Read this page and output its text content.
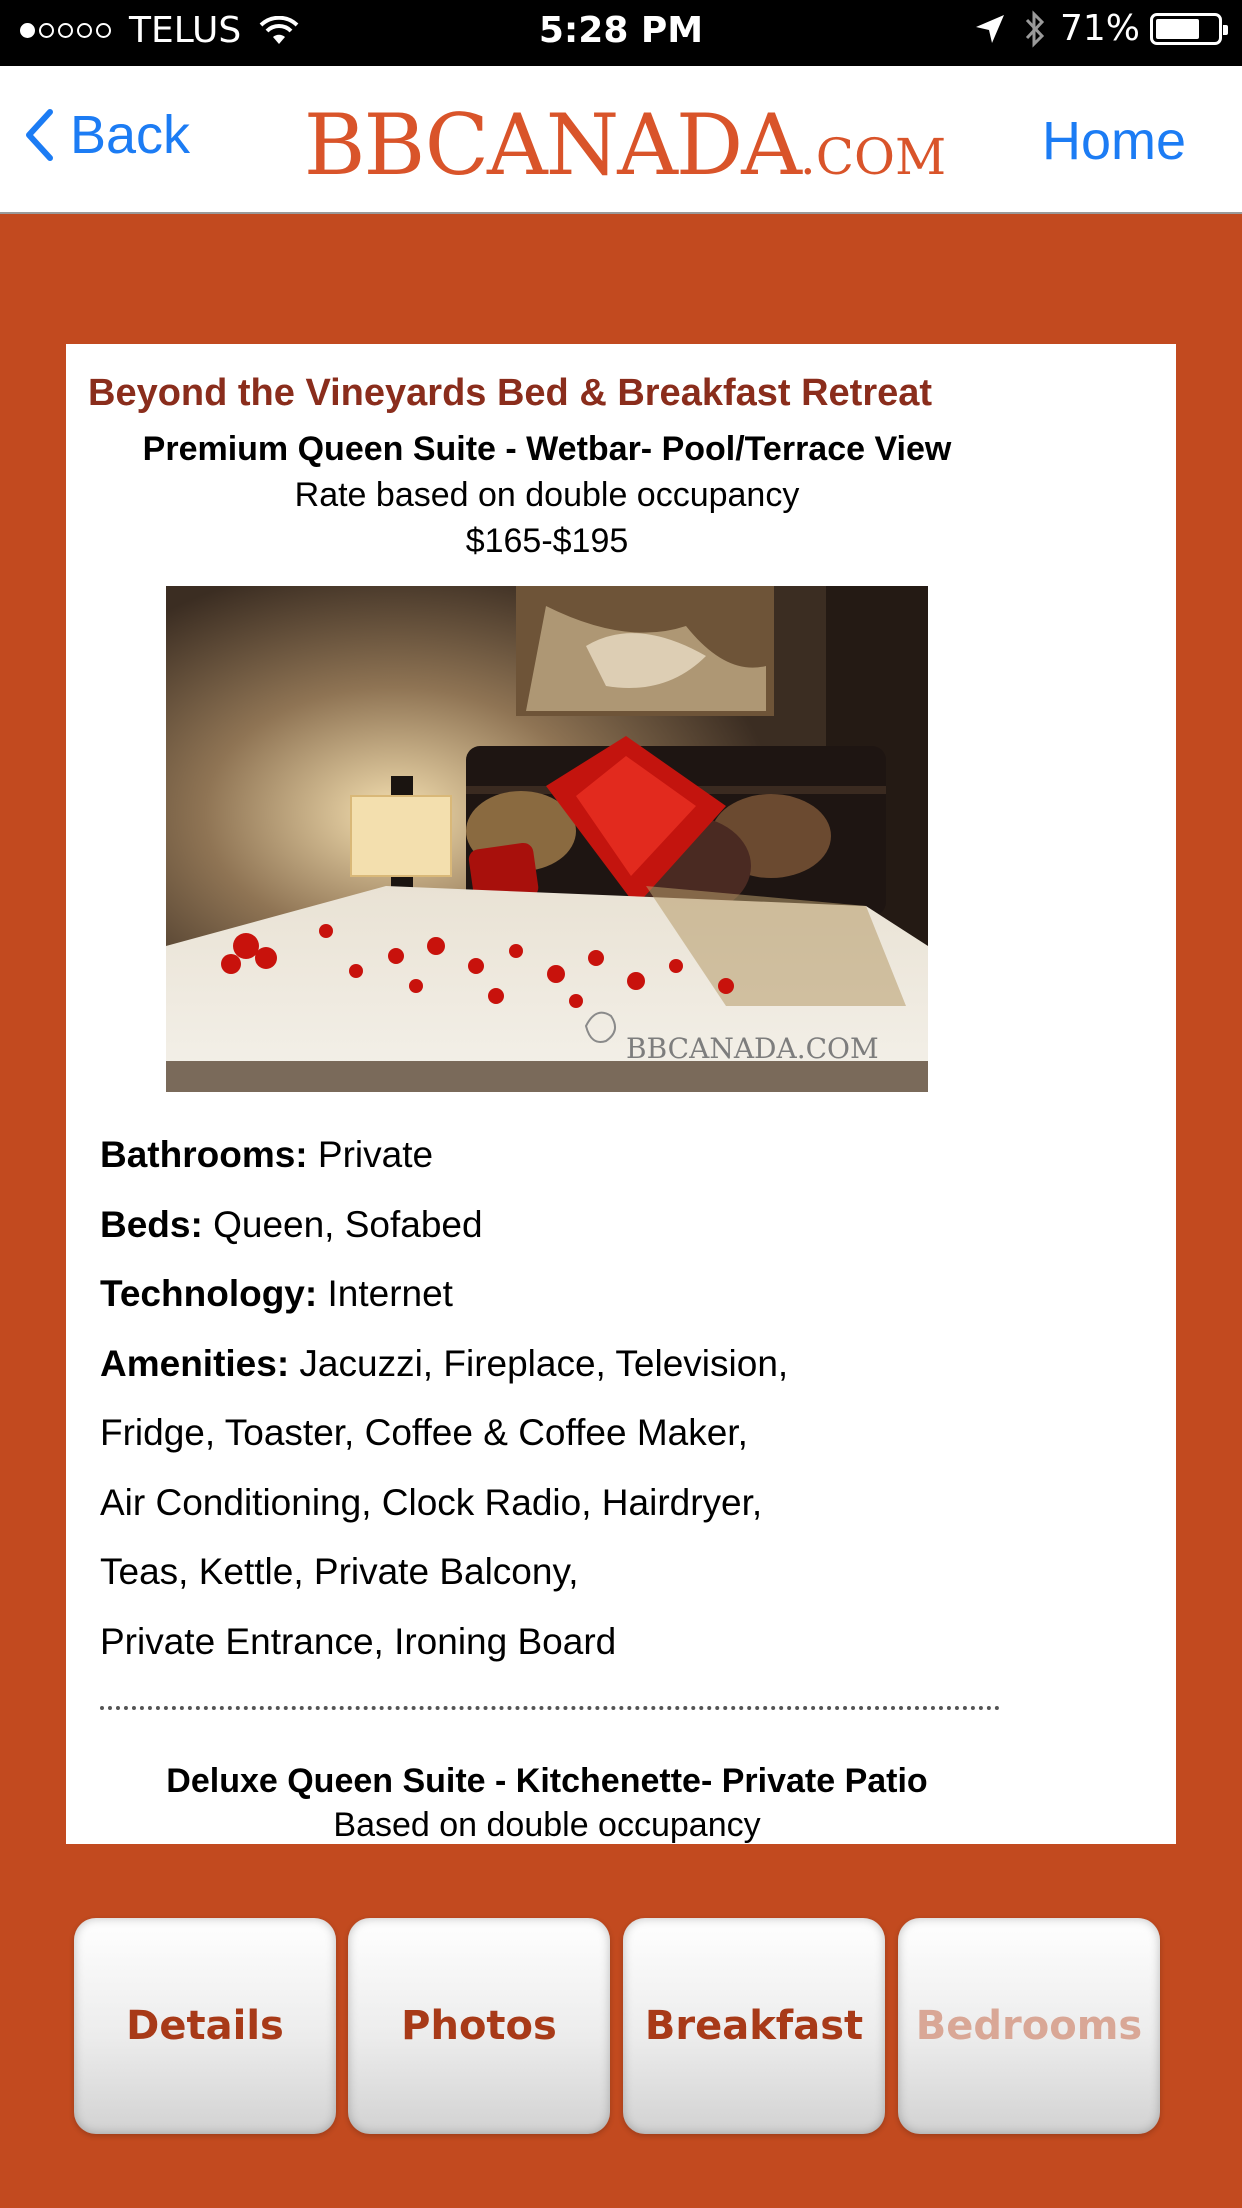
TELUS	5:28 PM	71%
Back	BBCANADA.COM	Home
Beyond the Vineyards Bed & Breakfast Retreat
Premium Queen Suite - Wetbar- Pool/Terrace View
Rate based on double occupancy
$165-$195
BBCANADA.COM
Bathrooms: Private
Beds: Queen, Sofabed
Technology: Internet
Amenities: Jacuzzi, Fireplace, Television,
Fridge, Toaster, Coffee & Coffee Maker,
Air Conditioning, Clock Radio, Hairdryer,
Teas, Kettle, Private Balcony,
Private Entrance, Ironing Board
Deluxe Queen Suite - Kitchenette- Private Patio
Based on double occupancy
Details	Photos	Breakfast	Bedrooms
